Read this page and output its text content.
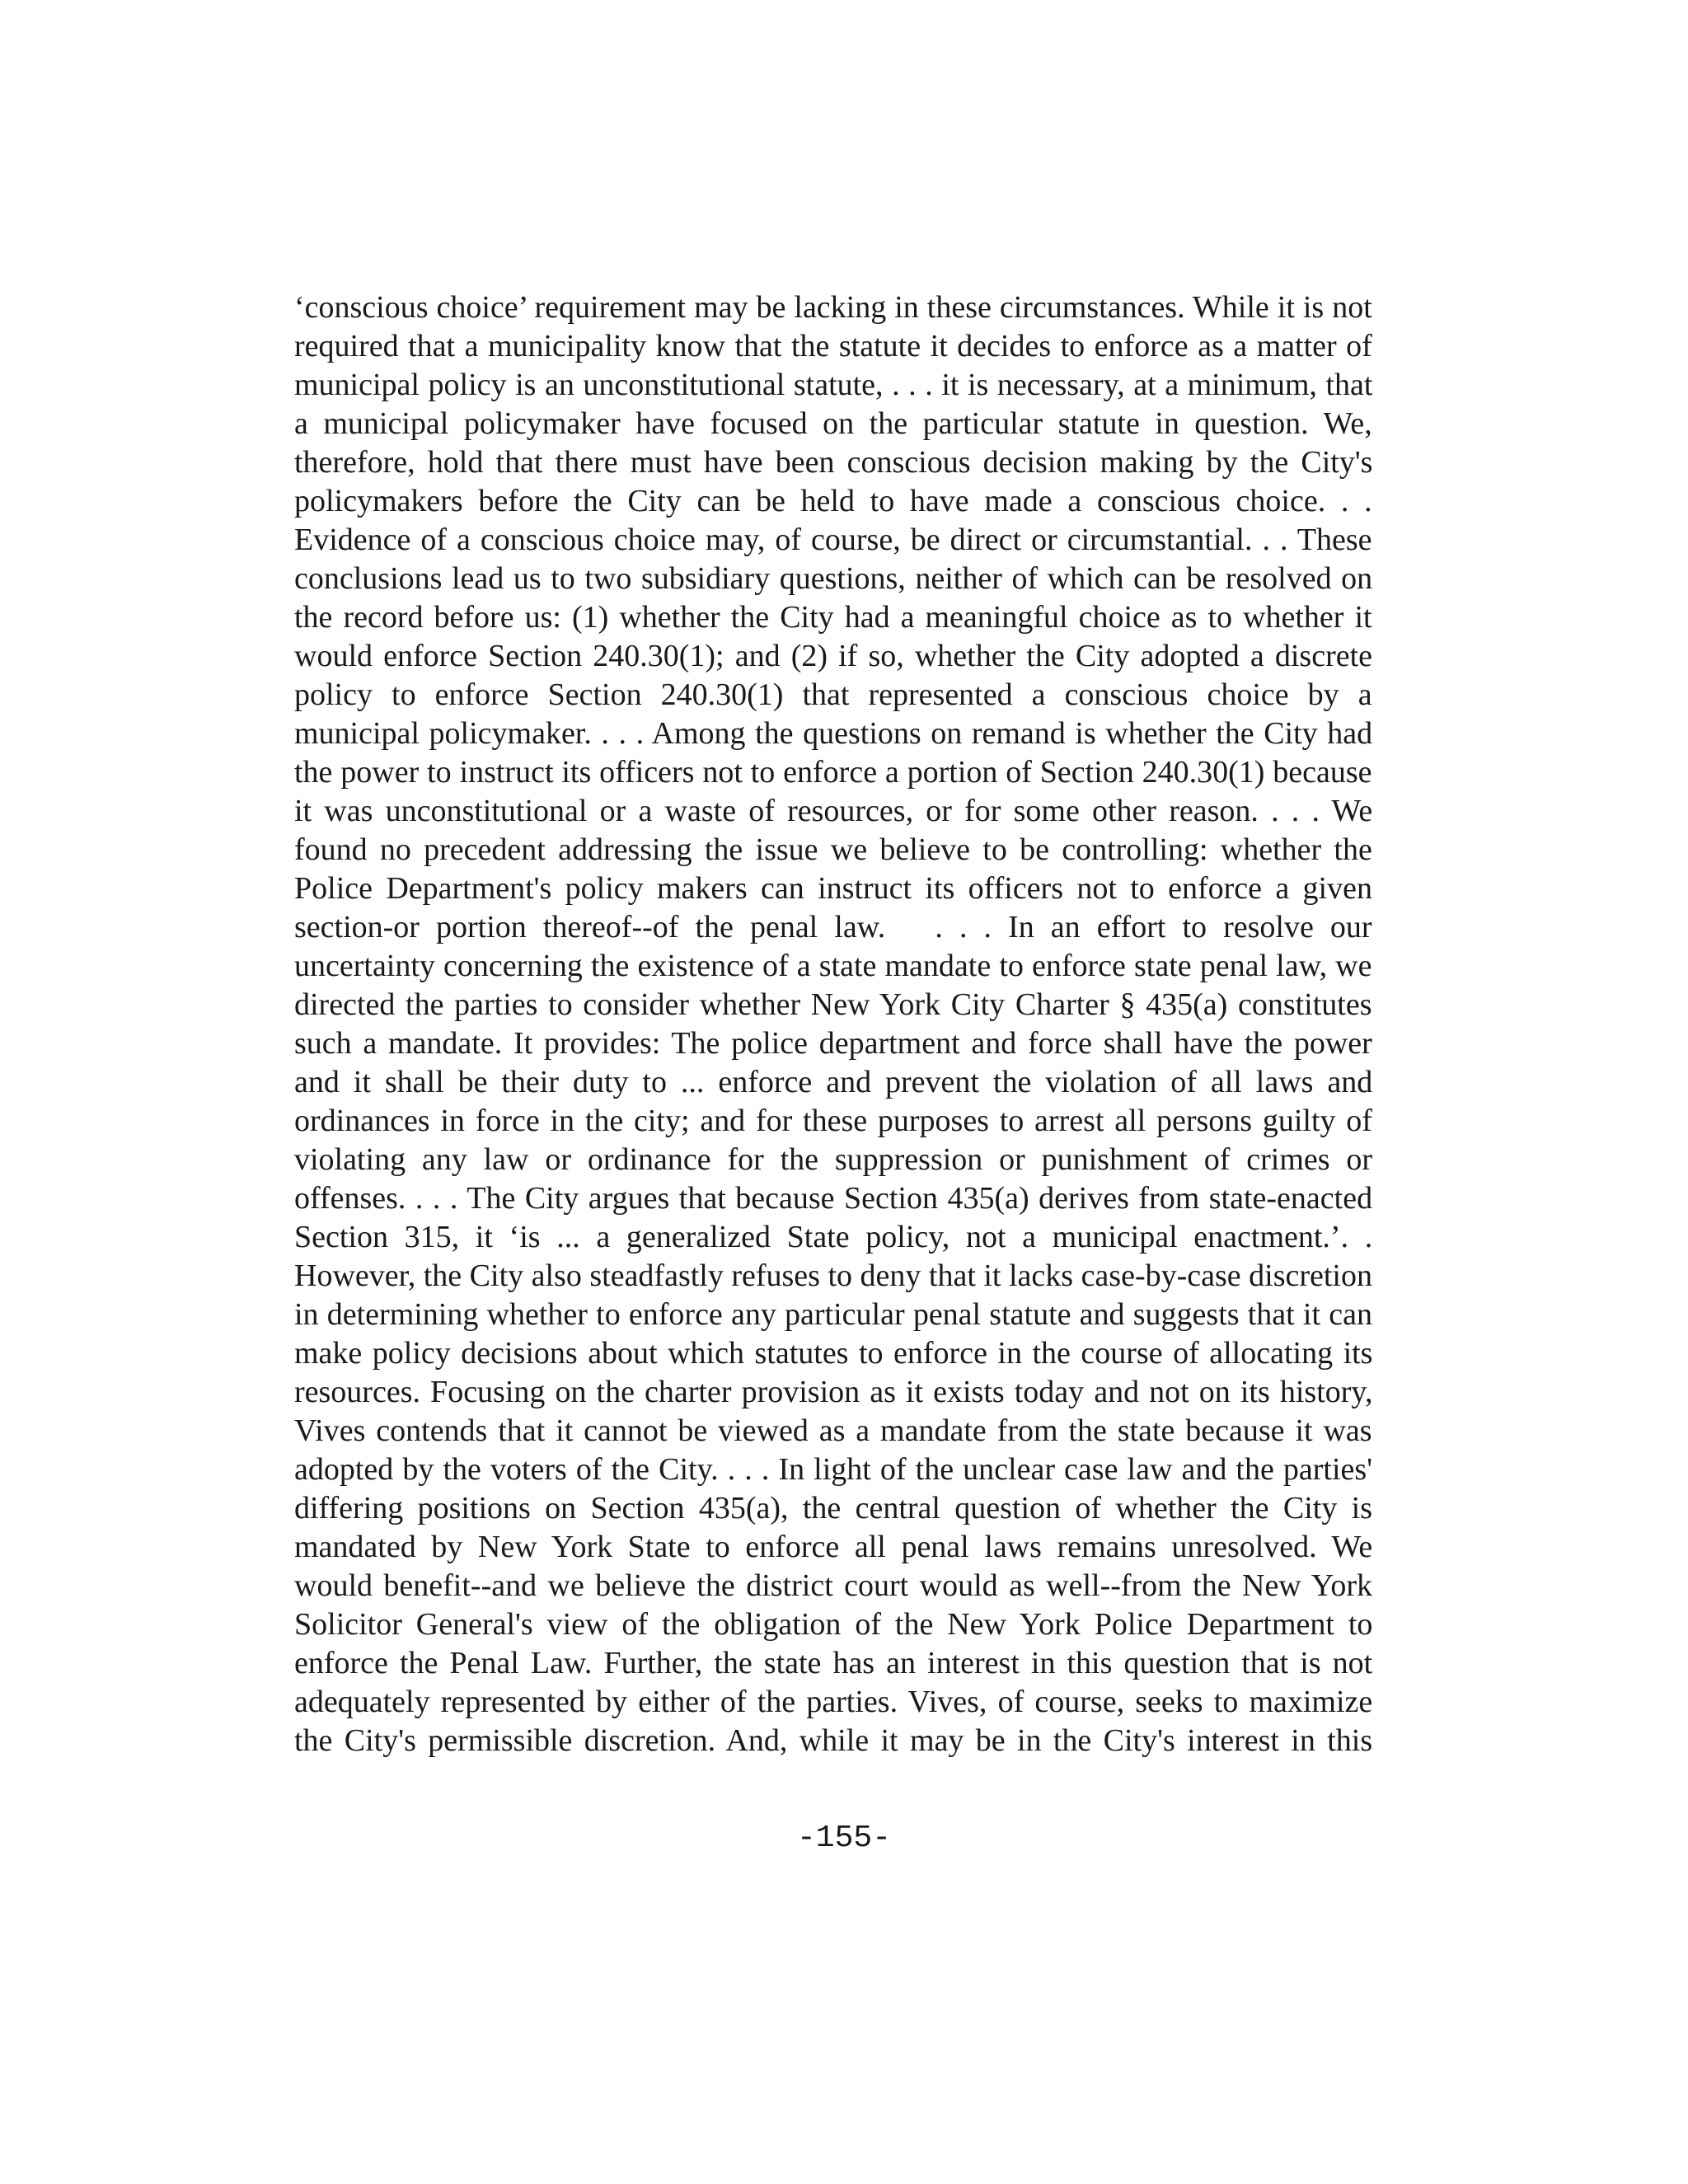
‘conscious choice’ requirement may be lacking in these circumstances. While it is not
required that a municipality know that the statute it decides to enforce as a matter of
municipal policy is an unconstitutional statute, . . . it is necessary, at a minimum, that
a municipal policymaker have focused on the particular statute in question. We,
therefore, hold that there must have been conscious decision making by the City's
policymakers before the City can be held to have made a conscious choice. . .
Evidence of a conscious choice may, of course, be direct or circumstantial. . . These
conclusions lead us to two subsidiary questions, neither of which can be resolved on
the record before us: (1) whether the City had a meaningful choice as to whether it
would enforce Section 240.30(1); and (2) if so, whether the City adopted a discrete
policy to enforce Section 240.30(1) that represented a conscious choice by a
municipal policymaker. . . . Among the questions on remand is whether the City had
the power to instruct its officers not to enforce a portion of Section 240.30(1) because
it was unconstitutional or a waste of resources, or for some other reason. . . . We
found no precedent addressing the issue we believe to be controlling: whether the
Police Department's policy makers can instruct its officers not to enforce a given
section-or portion thereof--of the penal law.   . . . In an effort to resolve our
uncertainty concerning the existence of a state mandate to enforce state penal law, we
directed the parties to consider whether New York City Charter § 435(a) constitutes
such a mandate. It provides: The police department and force shall have the power
and it shall be their duty to ... enforce and prevent the violation of all laws and
ordinances in force in the city; and for these purposes to arrest all persons guilty of
violating any law or ordinance for the suppression or punishment of crimes or
offenses. . . . The City argues that because Section 435(a) derives from state-enacted
Section 315, it ‘is ... a generalized State policy, not a municipal enactment.’. .
However, the City also steadfastly refuses to deny that it lacks case-by-case discretion
in determining whether to enforce any particular penal statute and suggests that it can
make policy decisions about which statutes to enforce in the course of allocating its
resources. Focusing on the charter provision as it exists today and not on its history,
Vives contends that it cannot be viewed as a mandate from the state because it was
adopted by the voters of the City. . . . In light of the unclear case law and the parties'
differing positions on Section 435(a), the central question of whether the City is
mandated by New York State to enforce all penal laws remains unresolved. We
would benefit--and we believe the district court would as well--from the New York
Solicitor General's view of the obligation of the New York Police Department to
enforce the Penal Law. Further, the state has an interest in this question that is not
adequately represented by either of the parties. Vives, of course, seeks to maximize
the City's permissible discretion. And, while it may be in the City's interest in this
-155-
